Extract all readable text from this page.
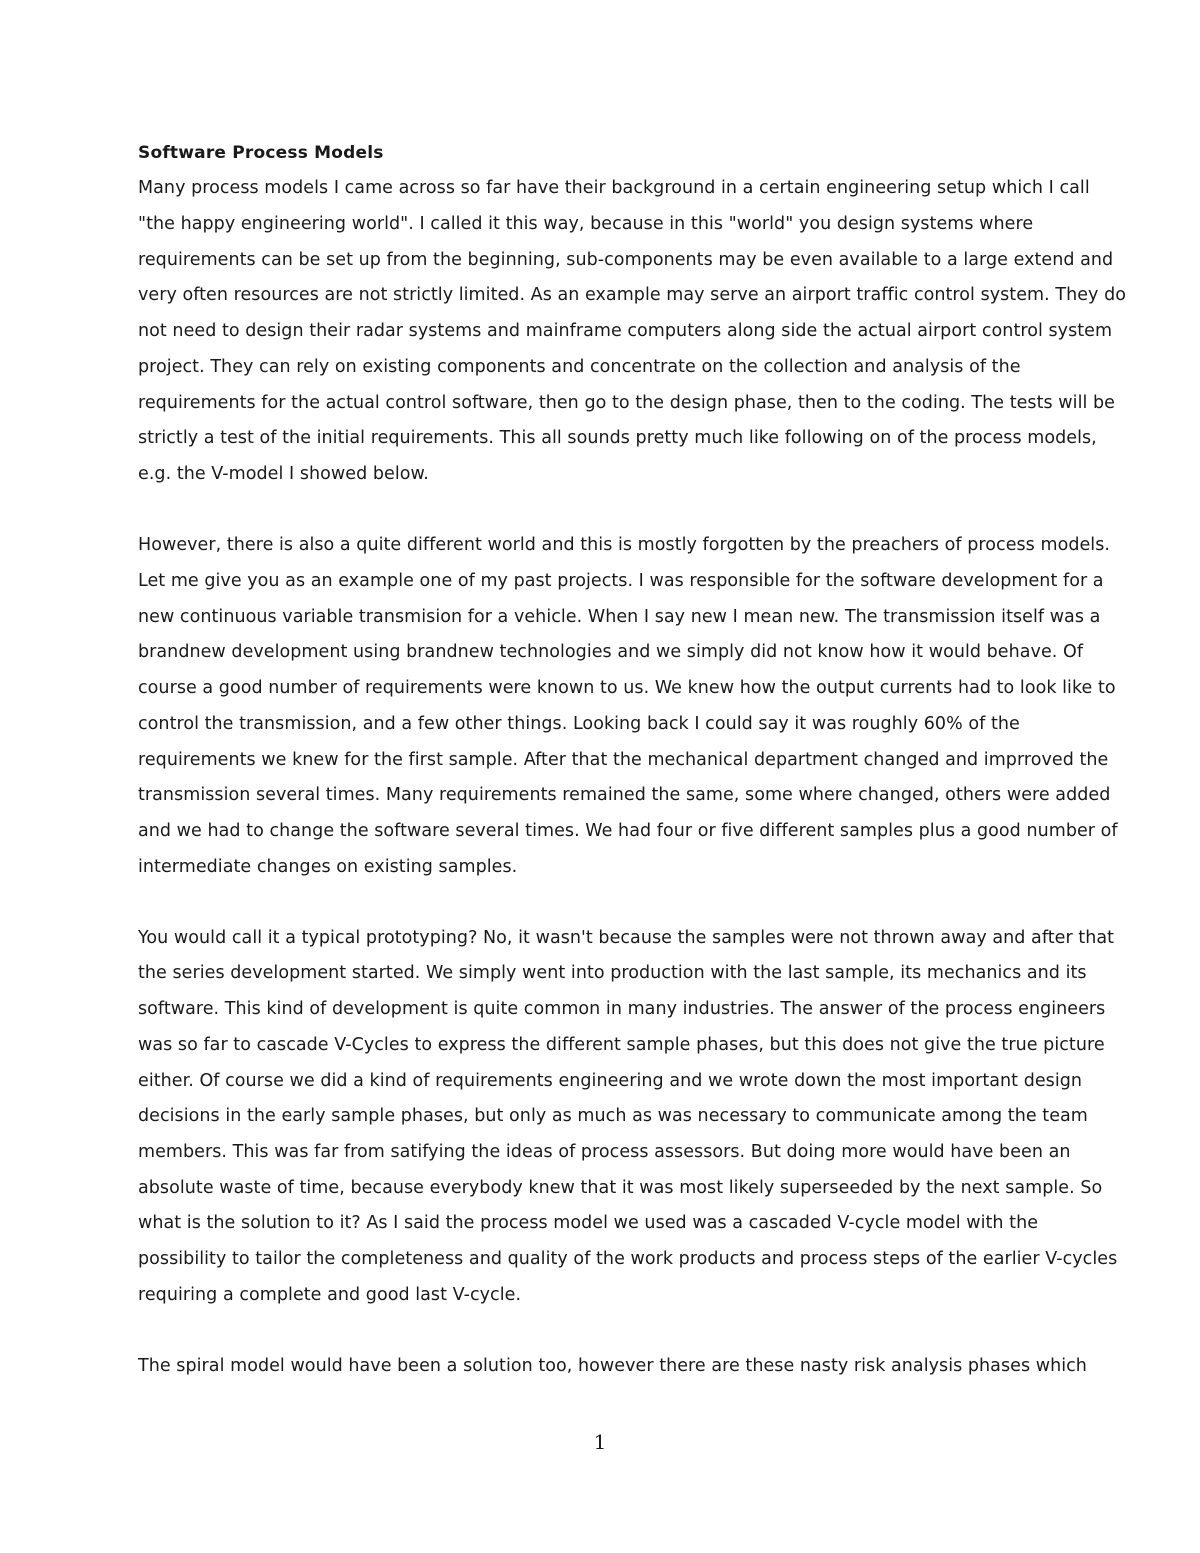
Software Process Models
Many process models I came across so far have their background in a certain engineering setup which I call
"the happy engineering world". I called it this way, because in this "world" you design systems where
requirements can be set up from the beginning, sub-components may be even available to a large extend and
very often resources are not strictly limited. As an example may serve an airport traffic control system. They do
not need to design their radar systems and mainframe computers along side the actual airport control system
project. They can rely on existing components and concentrate on the collection and analysis of the
requirements for the actual control software, then go to the design phase, then to the coding. The tests will be
strictly a test of the initial requirements. This all sounds pretty much like following on of the process models,
e.g. the V-model I showed below.
However, there is also a quite different world and this is mostly forgotten by the preachers of process models.
Let me give you as an example one of my past projects. I was responsible for the software development for a
new continuous variable transmision for a vehicle. When I say new I mean new. The transmission itself was a
brandnew development using brandnew technologies and we simply did not know how it would behave. Of
course a good number of requirements were known to us. We knew how the output currents had to look like to
control the transmission, and a few other things. Looking back I could say it was roughly 60% of the
requirements we knew for the first sample. After that the mechanical department changed and imprroved the
transmission several times. Many requirements remained the same, some where changed, others were added
and we had to change the software several times. We had four or five different samples plus a good number of
intermediate changes on existing samples.
You would call it a typical prototyping? No, it wasn't because the samples were not thrown away and after that
the series development started. We simply went into production with the last sample, its mechanics and its
software. This kind of development is quite common in many industries. The answer of the process engineers
was so far to cascade V-Cycles to express the different sample phases, but this does not give the true picture
either. Of course we did a kind of requirements engineering and we wrote down the most important design
decisions in the early sample phases, but only as much as was necessary to communicate among the team
members. This was far from satifying the ideas of process assessors. But doing more would have been an
absolute waste of time, because everybody knew that it was most likely superseeded by the next sample. So
what is the solution to it? As I said the process model we used was a cascaded V-cycle model with the
possibility to tailor the completeness and quality of the work products and process steps of the earlier V-cycles
requiring a complete and good last V-cycle.
The spiral model would have been a solution too, however there are these nasty risk analysis phases which
1
